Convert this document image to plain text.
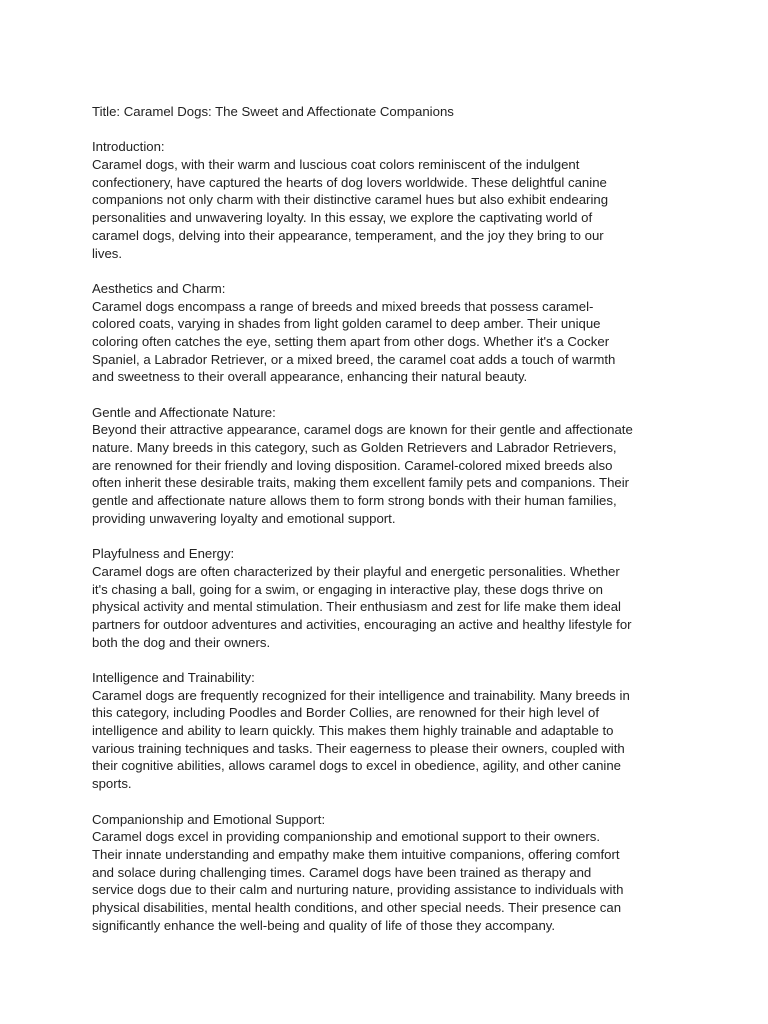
Title: Caramel Dogs: The Sweet and Affectionate Companions
Introduction:
Caramel dogs, with their warm and luscious coat colors reminiscent of the indulgent
confectionery, have captured the hearts of dog lovers worldwide. These delightful canine
companions not only charm with their distinctive caramel hues but also exhibit endearing
personalities and unwavering loyalty. In this essay, we explore the captivating world of
caramel dogs, delving into their appearance, temperament, and the joy they bring to our
lives.
Aesthetics and Charm:
Caramel dogs encompass a range of breeds and mixed breeds that possess caramel-
colored coats, varying in shades from light golden caramel to deep amber. Their unique
coloring often catches the eye, setting them apart from other dogs. Whether it's a Cocker
Spaniel, a Labrador Retriever, or a mixed breed, the caramel coat adds a touch of warmth
and sweetness to their overall appearance, enhancing their natural beauty.
Gentle and Affectionate Nature:
Beyond their attractive appearance, caramel dogs are known for their gentle and affectionate
nature. Many breeds in this category, such as Golden Retrievers and Labrador Retrievers,
are renowned for their friendly and loving disposition. Caramel-colored mixed breeds also
often inherit these desirable traits, making them excellent family pets and companions. Their
gentle and affectionate nature allows them to form strong bonds with their human families,
providing unwavering loyalty and emotional support.
Playfulness and Energy:
Caramel dogs are often characterized by their playful and energetic personalities. Whether
it's chasing a ball, going for a swim, or engaging in interactive play, these dogs thrive on
physical activity and mental stimulation. Their enthusiasm and zest for life make them ideal
partners for outdoor adventures and activities, encouraging an active and healthy lifestyle for
both the dog and their owners.
Intelligence and Trainability:
Caramel dogs are frequently recognized for their intelligence and trainability. Many breeds in
this category, including Poodles and Border Collies, are renowned for their high level of
intelligence and ability to learn quickly. This makes them highly trainable and adaptable to
various training techniques and tasks. Their eagerness to please their owners, coupled with
their cognitive abilities, allows caramel dogs to excel in obedience, agility, and other canine
sports.
Companionship and Emotional Support:
Caramel dogs excel in providing companionship and emotional support to their owners.
Their innate understanding and empathy make them intuitive companions, offering comfort
and solace during challenging times. Caramel dogs have been trained as therapy and
service dogs due to their calm and nurturing nature, providing assistance to individuals with
physical disabilities, mental health conditions, and other special needs. Their presence can
significantly enhance the well-being and quality of life of those they accompany.
